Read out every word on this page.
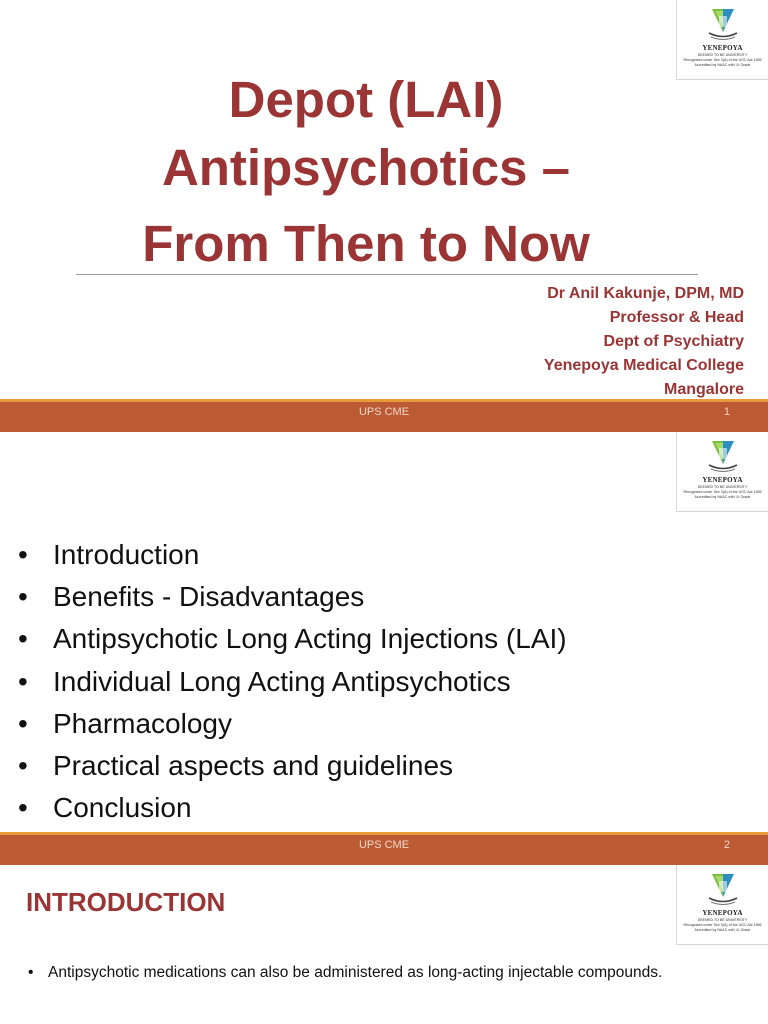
YENEPOYA
DEEMED TO BE UNIVERSITY
Recognized under Sec 3(A) of the UGC Act 1956
Accredited by NAAC with 'A' Grade
Depot (LAI)
Antipsychotics –
From Then to Now
Dr Anil Kakunje, DPM, MD
Professor & Head
Dept of Psychiatry
Yenepoya Medical College
Mangalore
UPS CME	1
YENEPOYA
DEEMED TO BE UNIVERSITY
Recognized under Sec 3(A) of the UGC Act 1956
Accredited by NAAC with 'A' Grade
• Introduction
• Benefits - Disadvantages
• Antipsychotic Long Acting Injections (LAI)
• Individual Long Acting Antipsychotics
• Pharmacology
• Practical aspects and guidelines
• Conclusion
UPS CME	2
YENEPOYA
DEEMED TO BE UNIVERSITY
Recognized under Sec 3(A) of the UGC Act 1956
Accredited by NAAC with 'A' Grade
INTRODUCTION
• Antipsychotic medications can also be administered as long-acting injectable compounds.
